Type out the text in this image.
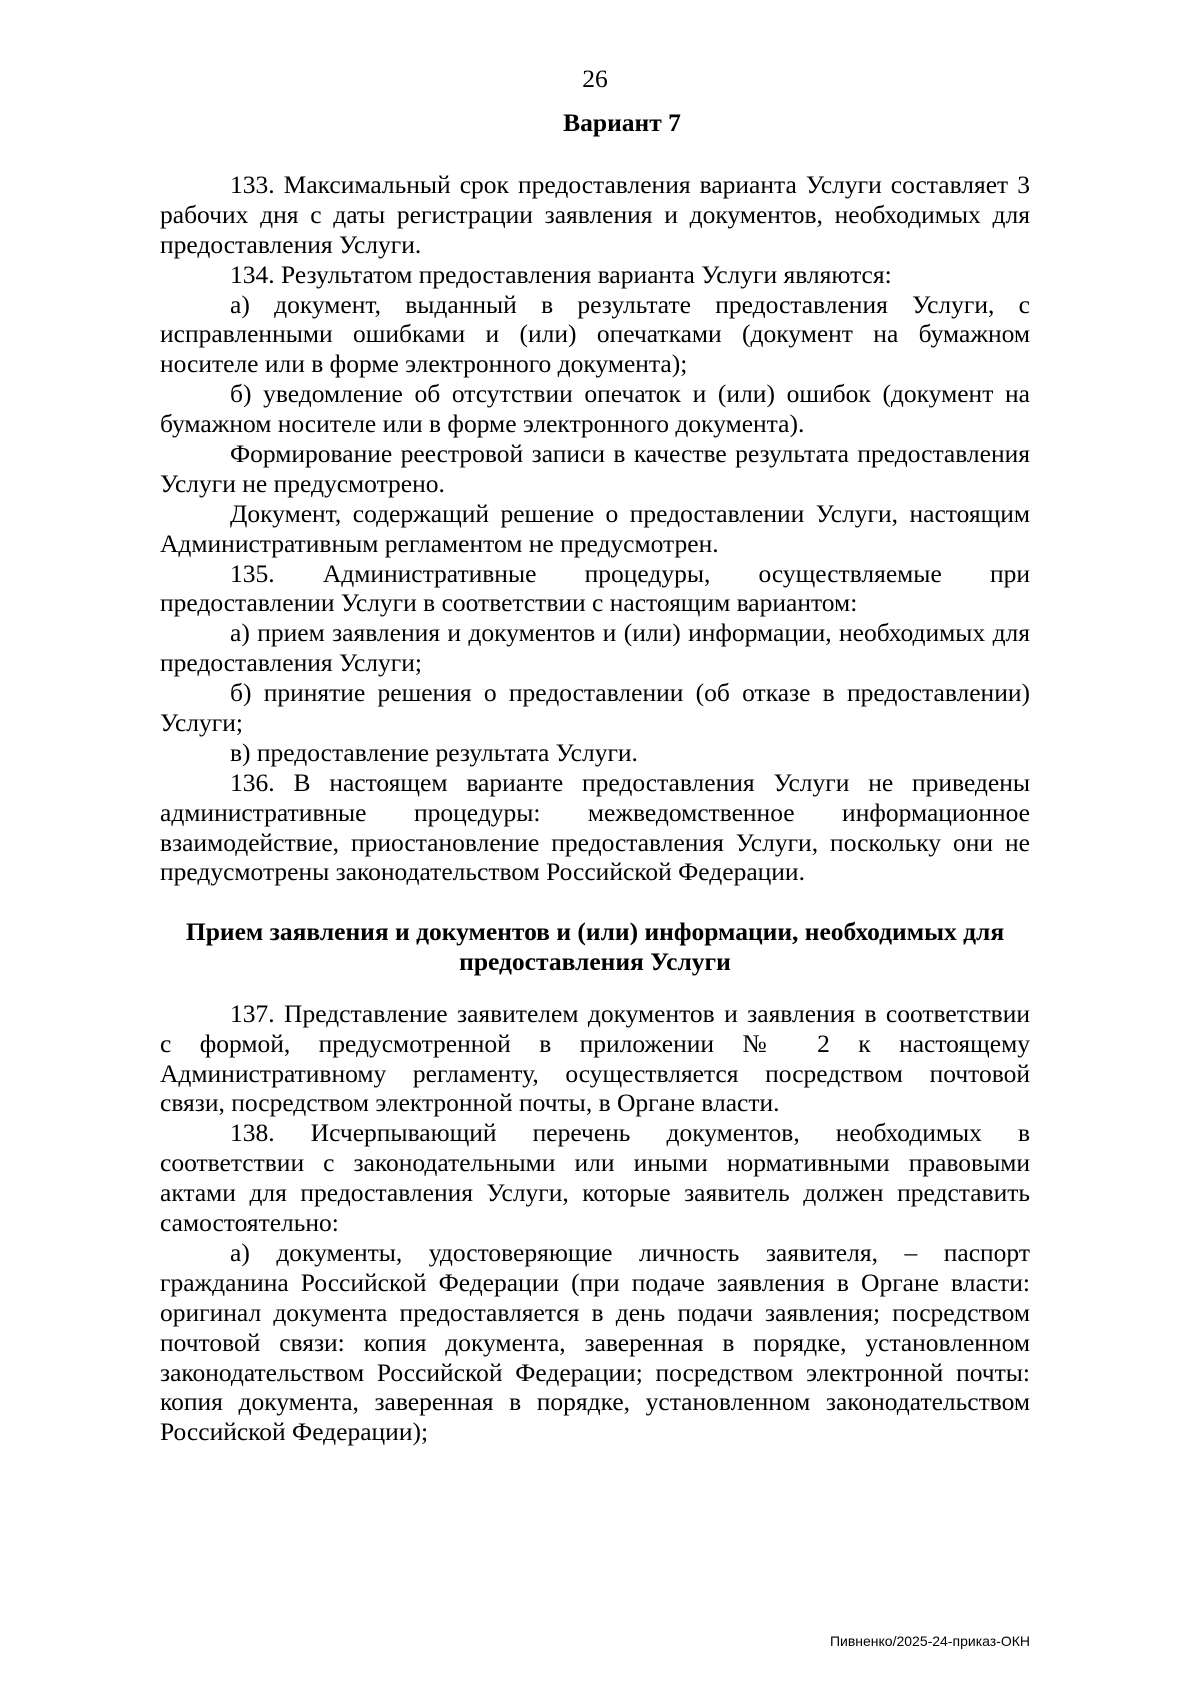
26
Вариант 7
133. Максимальный срок предоставления варианта Услуги составляет 3
рабочих дня с даты регистрации заявления и документов, необходимых для
предоставления Услуги.
134. Результатом предоставления варианта Услуги являются:
а) документ, выданный в результате предоставления Услуги, с
исправленными ошибками и (или) опечатками (документ на бумажном
носителе или в форме электронного документа);
б) уведомление об отсутствии опечаток и (или) ошибок (документ на
бумажном носителе или в форме электронного документа).
Формирование реестровой записи в качестве результата предоставления
Услуги не предусмотрено.
Документ, содержащий решение о предоставлении Услуги, настоящим
Административным регламентом не предусмотрен.
135. Административные процедуры, осуществляемые при
предоставлении Услуги в соответствии с настоящим вариантом:
а) прием заявления и документов и (или) информации, необходимых для
предоставления Услуги;
б) принятие решения о предоставлении (об отказе в предоставлении)
Услуги;
в) предоставление результата Услуги.
136. В настоящем варианте предоставления Услуги не приведены
административные процедуры: межведомственное информационное
взаимодействие, приостановление предоставления Услуги, поскольку они не
предусмотрены законодательством Российской Федерации.
Прием заявления и документов и (или) информации, необходимых для
предоставления Услуги
137. Представление заявителем документов и заявления в соответствии
с формой, предусмотренной в приложении № 2 к настоящему
Административному регламенту, осуществляется посредством почтовой
связи, посредством электронной почты, в Органе власти.
138. Исчерпывающий перечень документов, необходимых в
соответствии с законодательными или иными нормативными правовыми
актами для предоставления Услуги, которые заявитель должен представить
самостоятельно:
а) документы, удостоверяющие личность заявителя, – паспорт
гражданина Российской Федерации (при подаче заявления в Органе власти:
оригинал документа предоставляется в день подачи заявления; посредством
почтовой связи: копия документа, заверенная в порядке, установленном
законодательством Российской Федерации; посредством электронной почты:
копия документа, заверенная в порядке, установленном законодательством
Российской Федерации);
Пивненко/2025-24-приказ-ОКН
